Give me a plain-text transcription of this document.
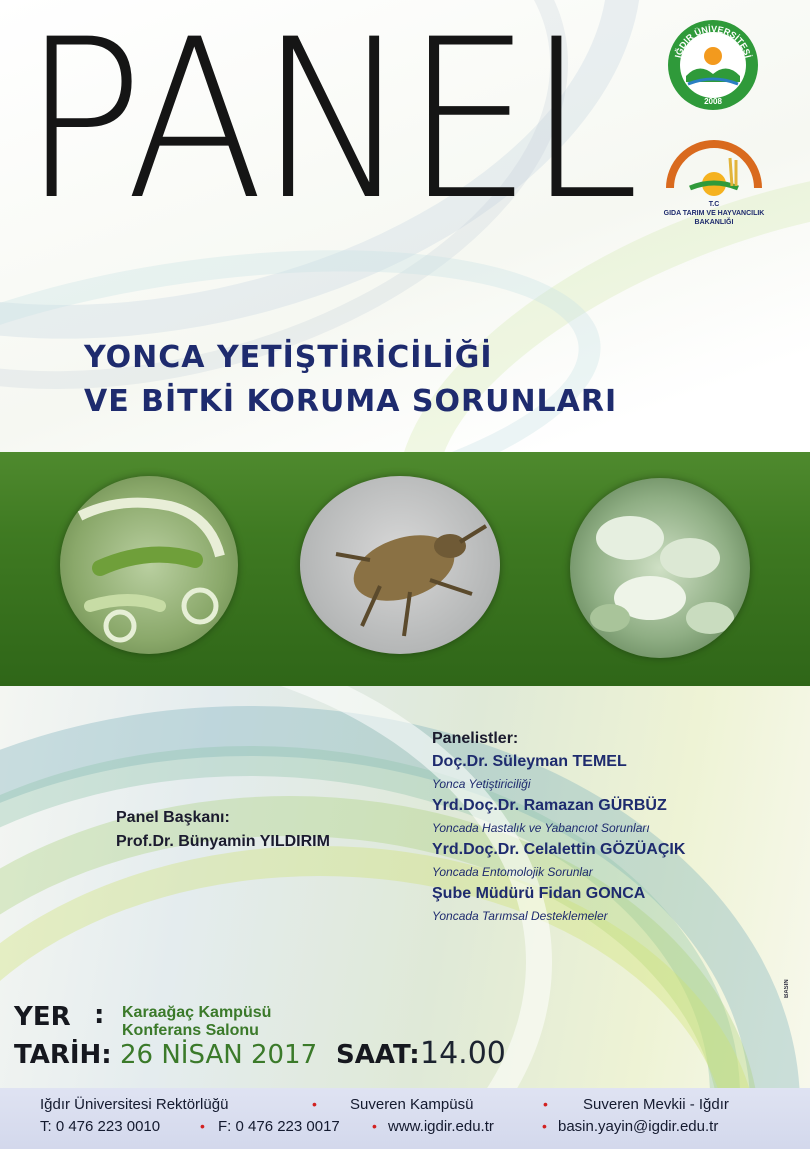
PANEL	IĞDIR ÜNİVERSİTESİ
2008
T.C
GIDA TARIM VE HAYVANCILIK
BAKANLIĞI
YONCA YETİŞTİRİCİLİĞİ
VE BİTKİ KORUMA SORUNLARI
Panel Başkanı:
Prof.Dr. Bünyamin YILDIRIM
Panelistler:
Doç.Dr. Süleyman TEMEL
Yonca Yetiştiriciliği
Yrd.Doç.Dr. Ramazan GÜRBÜZ
Yoncada Hastalık ve Yabancıot Sorunları
Yrd.Doç.Dr. Celalettin GÖZÜAÇIK
Yoncada Entomolojik Sorunlar
Şube Müdürü Fidan GONCA
Yoncada Tarımsal Desteklemeler
BASIN
YER : Karaağaç Kampüsü
Konferans Salonu
TARİH: 26 NİSAN 2017 SAAT: 14.00
Iğdır Üniversitesi Rektörlüğü	• Suveren Kampüsü	• Suveren Mevkii - Iğdır
T: 0 476 223 0010	• F: 0 476 223 0017 • www.igdir.edu.tr	• basin.yayin@igdir.edu.tr
